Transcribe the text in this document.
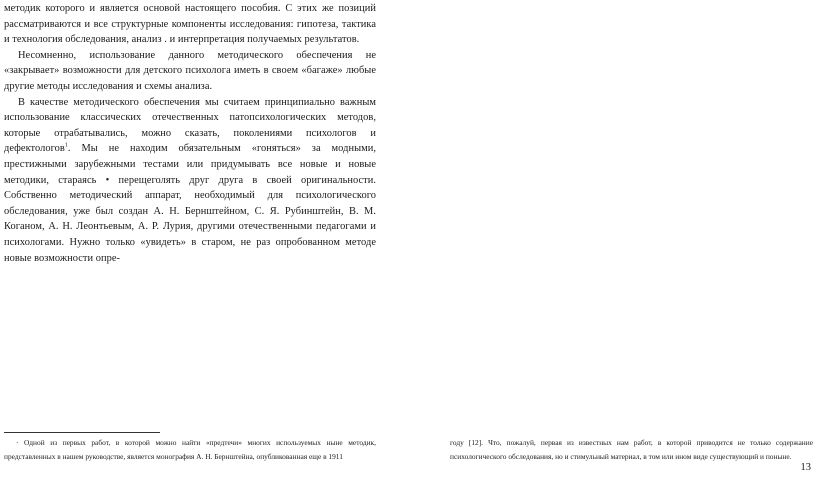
методик которого и является основой настоящего пособия. С этих же позиций рассматриваются и все структурные компоненты исследования: гипотеза, тактика и технология обследования, анализ . и интерпретация получаемых результатов.

Несомненно, использование данного методического обеспечения не «закрывает» возможности для детского психолога иметь в своем «багаже» любые другие методы исследования и схемы анализа.

В качестве методического обеспечения мы считаем принципиально важным использование классических отечественных патопсихологических методов, которые отрабатывались, можно сказать, поколениями психологов и дефектологов$^1$. Мы не находим обязательным «гоняться» за модными, престижными зарубежными тестами или придумывать все новые и новые методики, стараясь • перещеголять друг друга в своей оригинальности. Собственно методический аппарат, необходимый для психологического обследования, уже был создан А. Н. Бернштейном, С. Я. Рубинштейн, В. М. Коганом, А. Н. Леонтьевым, А. Р. Лурия, другими отечественными педагогами и психологами. Нужно только «увидеть» в старом, не раз опробованном методе новые возможности опре-

· Одной из первых работ, в которой можно найти «предтечи» многих используемых ныне методик, представленных в нашем руководстве, является монография А. Н. Бернштейна, опубликованная еще в 1911
году [12]. Что, пожалуй, первая из известных нам работ, в которой приводится не только содержание психологического обследования, но и стимульный материал, в том или ином виде существующий и поныне.
13
